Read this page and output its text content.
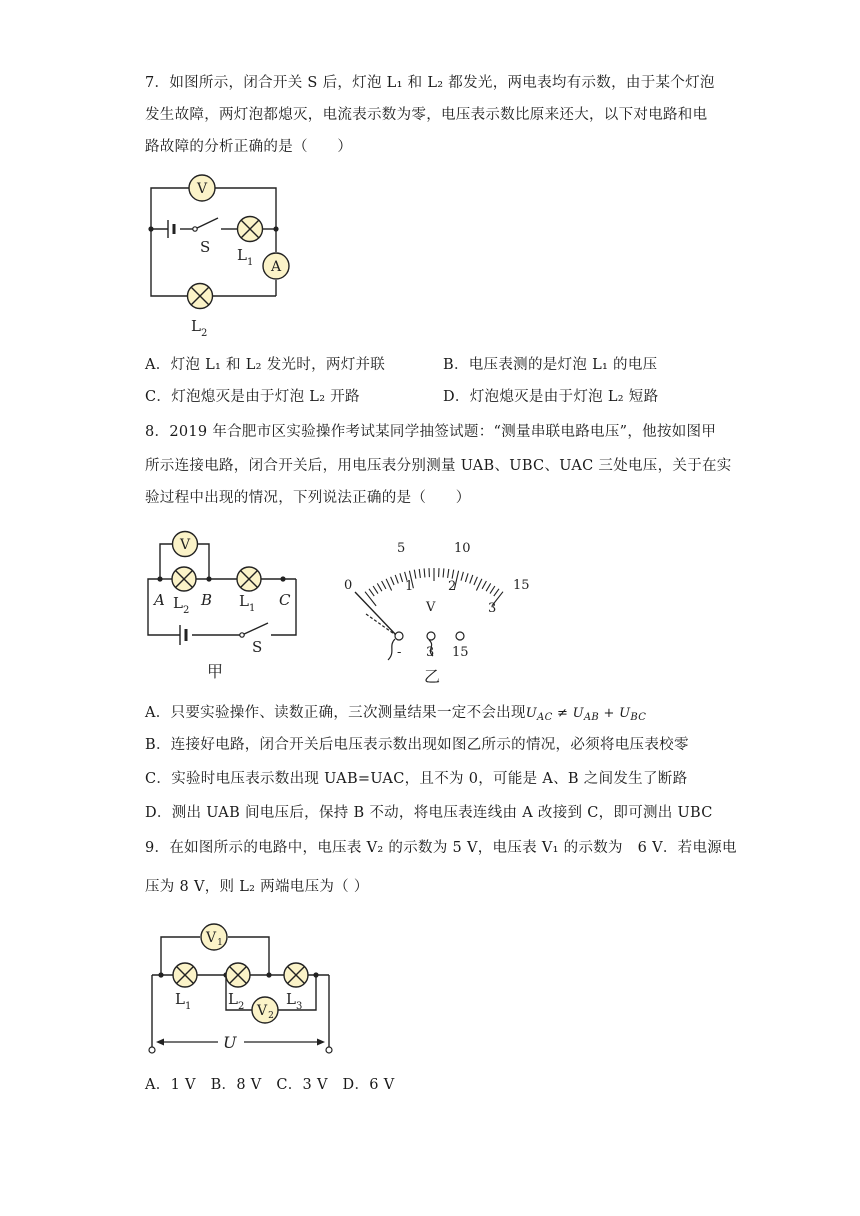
7．如图所示，闭合开关 S 后，灯泡 L₁ 和 L₂ 都发光，两电表均有示数，由于某个灯泡
发生故障，两灯泡都熄灭，电流表示数为零，电压表示数比原来还大，以下对电路和电
路故障的分析正确的是（　　）
V
A
S L 1
L 2
A．灯泡 L₁ 和 L₂ 发光时，两灯并联	B．电压表测的是灯泡 L₁ 的电压
C．灯泡熄灭是由于灯泡 L₂ 开路	D．灯泡熄灭是由于灯泡 L₂ 短路
8．2019 年合肥市区实验操作考试某同学抽签试题：“测量串联电路电压”，他按如图甲
所示连接电路，闭合开关后，用电压表分别测量 UAB、UBC、UAC 三处电压，关于在实
验过程中出现的情况，下列说法正确的是（　　）
V
A B	C
L 2
L 1
S
甲
0
5	10
15
1	2
3
V
- 3 15
乙
A．只要实验操作、读数正确，三次测量结果一定不会出现$U_{AC} \ne U_{AB} + U_{BC}$
B．连接好电路，闭合开关后电压表示数出现如图乙所示的情况，必须将电压表校零
C．实验时电压表示数出现 UAB=UAC，且不为 0，可能是 A、B 之间发生了断路
D．测出 UAB 间电压后，保持 B 不动，将电压表连线由 A 改接到 C，即可测出 UBC
9．在如图所示的电路中，电压表 V₂ 的示数为 5 V，电压表 V₁ 的示数为　6 V．若电源电
压为 8 V，则 L₂ 两端电压为（ ）
U
V 1
V 2
L 1 L 2	L 3
A．1 V　B．8 V　C．3 V　D．6 V
